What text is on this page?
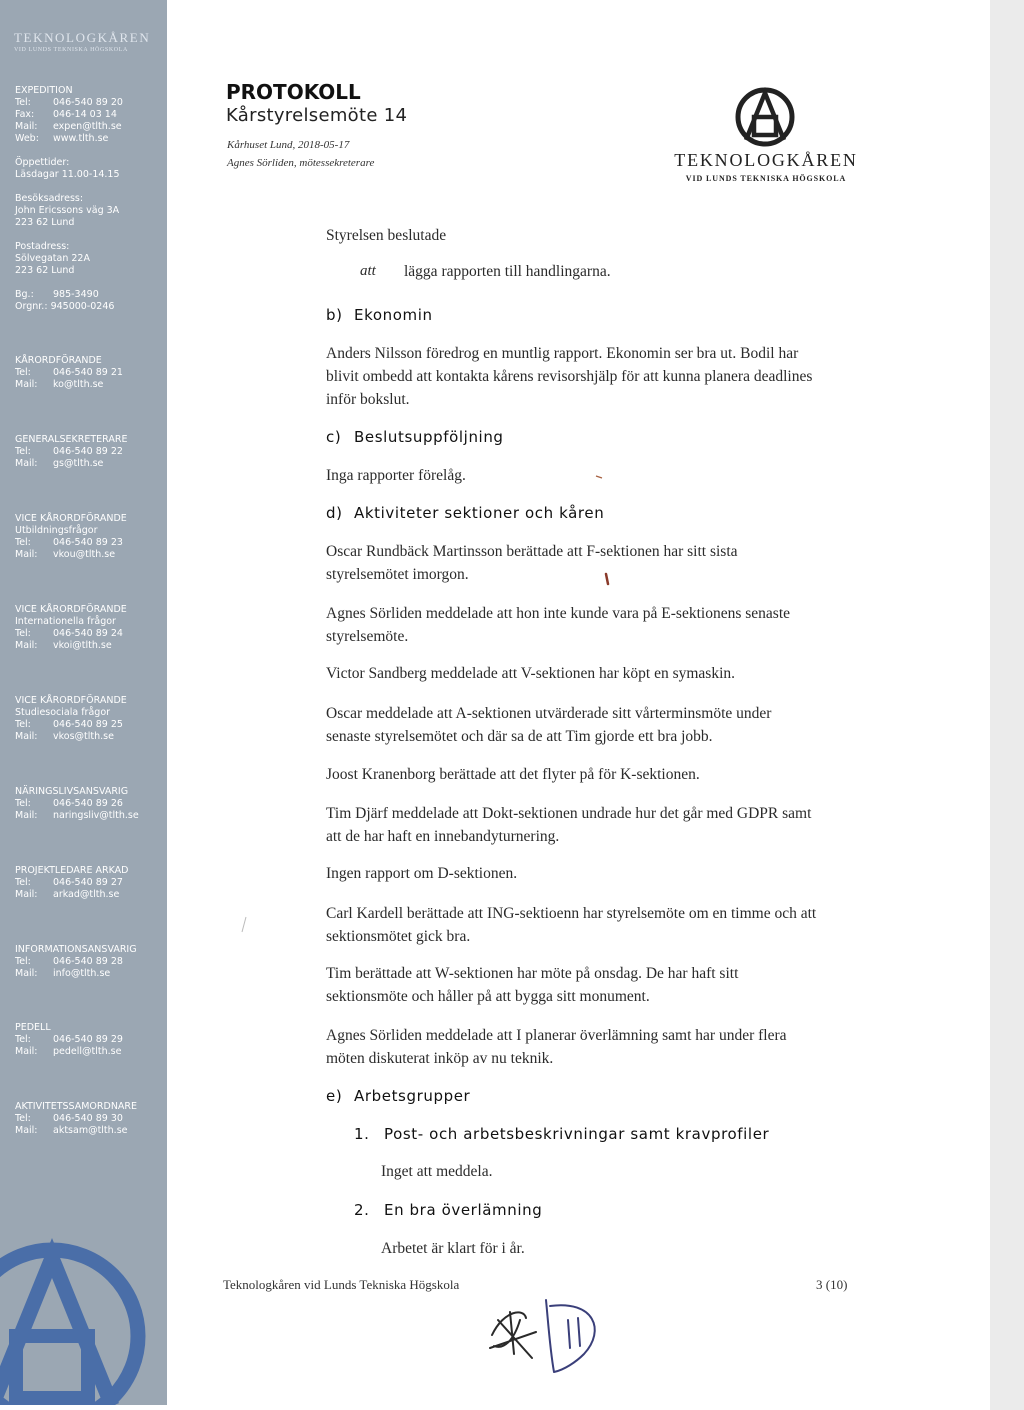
TEKNOLOGKÅREN
VID LUNDS TEKNISKA HÖGSKOLA
EXPEDITION
Tel: 046-540 89 20
Fax: 046-14 03 14
Mail: expen@tlth.se
Web: www.tlth.se
Öppettider:
Läsdagar 11.00-14.15
Besöksadress:
John Ericssons väg 3A
223 62 Lund
Postadress:
Sölvegatan 22A
223 62 Lund
Bg.: 985-3490
Orgnr.: 945000-0246
KÅRORDFÖRANDE
Tel: 046-540 89 21
Mail: ko@tlth.se
GENERALSEKRETERARE
Tel: 046-540 89 22
Mail: gs@tlth.se
VICE KÅRORDFÖRANDE
Utbildningsfrågor
Tel: 046-540 89 23
Mail: vkou@tlth.se
VICE KÅRORDFÖRANDE
Internationella frågor
Tel: 046-540 89 24
Mail: vkoi@tlth.se
VICE KÅRORDFÖRANDE
Studiesociala frågor
Tel: 046-540 89 25
Mail: vkos@tlth.se
NÄRINGSLIVSANSVARIG
Tel: 046-540 89 26
Mail: naringsliv@tlth.se
PROJEKTLEDARE ARKAD
Tel: 046-540 89 27
Mail: arkad@tlth.se
INFORMATIONSANSVARIG
Tel: 046-540 89 28
Mail: info@tlth.se
PEDELL
Tel: 046-540 89 29
Mail: pedell@tlth.se
AKTIVITETSSAMORDNARE
Tel: 046-540 89 30
Mail: aktsam@tlth.se
PROTOKOLL
Kårstyrelsemöte 14
Kårhuset Lund, 2018-05-17
Agnes Sörliden, mötessekreterare	TEKNOLOGKÅREN
VID LUNDS TEKNISKA HÖGSKOLA
Styrelsen beslutade
att lägga rapporten till handlingarna.
b) Ekonomin
Anders Nilsson föredrog en muntlig rapport. Ekonomin ser bra ut. Bodil har
blivit ombedd att kontakta kårens revisorshjälp för att kunna planera deadlines
inför bokslut.
c) Beslutsuppföljning
Inga rapporter förelåg.
d) Aktiviteter sektioner och kåren
Oscar Rundbäck Martinsson berättade att F-sektionen har sitt sista
styrelsemötet imorgon.
Agnes Sörliden meddelade att hon inte kunde vara på E-sektionens senaste
styrelsemöte.
Victor Sandberg meddelade att V-sektionen har köpt en symaskin.
Oscar meddelade att A-sektionen utvärderade sitt vårterminsmöte under
senaste styrelsemötet och där sa de att Tim gjorde ett bra jobb.
Joost Kranenborg berättade att det flyter på för K-sektionen.
Tim Djärf meddelade att Dokt-sektionen undrade hur det går med GDPR samt
att de har haft en innebandyturnering.
Ingen rapport om D-sektionen.
Carl Kardell berättade att ING-sektioenn har styrelsemöte om en timme och att
sektionsmötet gick bra.
Tim berättade att W-sektionen har möte på onsdag. De har haft sitt
sektionsmöte och håller på att bygga sitt monument.
Agnes Sörliden meddelade att I planerar överlämning samt har under flera
möten diskuterat inköp av nu teknik.
e) Arbetsgrupper
1. Post- och arbetsbeskrivningar samt kravprofiler
Inget att meddela.
2. En bra överlämning
Arbetet är klart för i år.
Teknologkåren vid Lunds Tekniska Högskola	3 (10)
